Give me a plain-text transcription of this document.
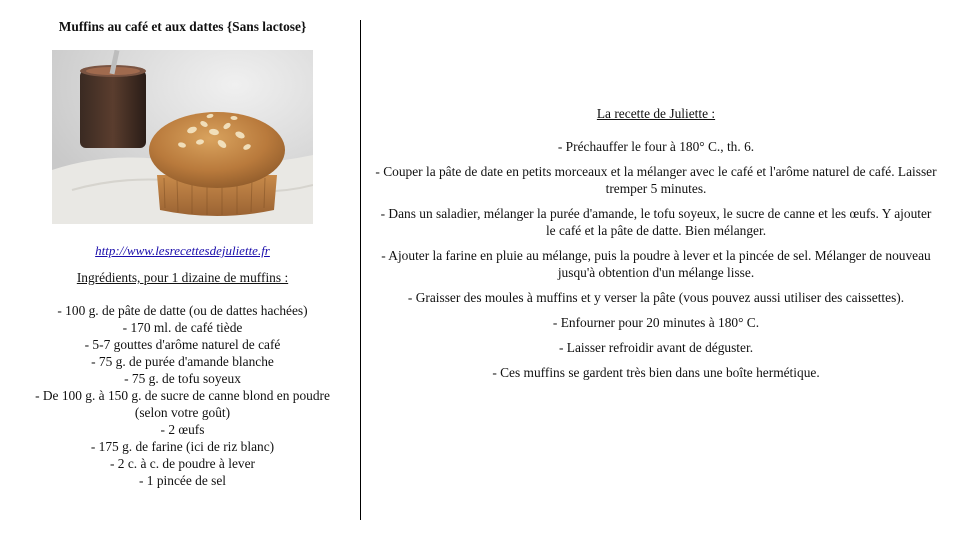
Muffins au café et aux dattes {Sans lactose}
http://www.lesrecettesdejuliette.fr
Ingrédients, pour 1 dizaine de muffins :
- 100 g. de pâte de datte (ou de dattes hachées)
- 170 ml. de café tiède
- 5-7 gouttes d'arôme naturel de café
- 75 g. de purée d'amande blanche
- 75 g. de tofu soyeux
- De 100 g. à 150 g. de sucre de canne blond en poudre (selon votre goût)
- 2 œufs
- 175 g. de farine (ici de riz blanc)
- 2 c. à c. de poudre à lever
- 1 pincée de sel
La recette de Juliette :
- Préchauffer le four à 180° C., th. 6.
- Couper la pâte de date en petits morceaux et la mélanger avec le café et l'arôme naturel de café. Laisser tremper 5 minutes.
- Dans un saladier, mélanger la purée d'amande, le tofu soyeux, le sucre de canne et les œufs. Y ajouter le café et la pâte de datte. Bien mélanger.
- Ajouter la farine en pluie au mélange, puis la poudre à lever et la pincée de sel. Mélanger de nouveau jusqu'à obtention d'un mélange lisse.
- Graisser des moules à muffins et y verser la pâte (vous pouvez aussi utiliser des caissettes).
- Enfourner pour 20 minutes à 180° C.
- Laisser refroidir avant de déguster.
- Ces muffins se gardent très bien dans une boîte hermétique.
